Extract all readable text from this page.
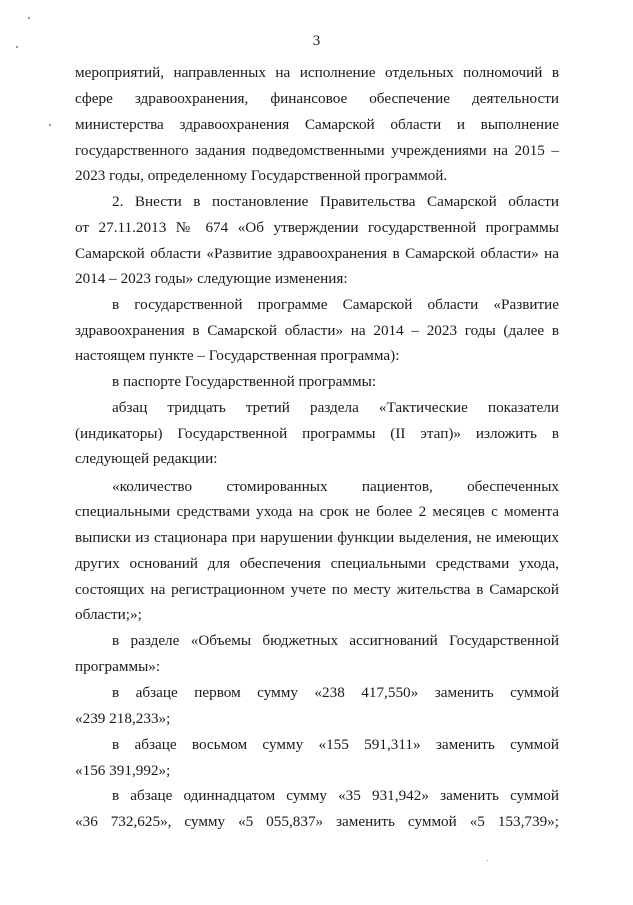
3
мероприятий, направленных на исполнение отдельных полномочий в
сфере здравоохранения, финансовое обеспечение деятельности
министерства здравоохранения Самарской области и выполнение
государственного задания подведомственными учреждениями на 2015 –
2023 годы, определенному Государственной программой.
2. Внести в постановление Правительства Самарской области
от 27.11.2013 № 674 «Об утверждении государственной программы
Самарской области «Развитие здравоохранения в Самарской области» на
2014 – 2023 годы» следующие изменения:
в государственной программе Самарской области «Развитие
здравоохранения в Самарской области» на 2014 – 2023 годы (далее в
настоящем пункте – Государственная программа):
в паспорте Государственной программы:
абзац тридцать третий раздела «Тактические показатели
(индикаторы) Государственной программы (II этап)» изложить в
следующей редакции:
«количество стомированных пациентов, обеспеченных
специальными средствами ухода на срок не более 2 месяцев с момента
выписки из стационара при нарушении функции выделения, не имеющих
других оснований для обеспечения специальными средствами ухода,
состоящих на регистрационном учете по месту жительства в Самарской
области;»;
в разделе «Объемы бюджетных ассигнований Государственной
программы»:
в абзаце первом сумму «238 417,550» заменить суммой
«239 218,233»;
в абзаце восьмом сумму «155 591,311» заменить суммой
«156 391,992»;
в абзаце одиннадцатом сумму «35 931,942» заменить суммой
«36 732,625», сумму «5 055,837» заменить суммой «5 153,739»;
